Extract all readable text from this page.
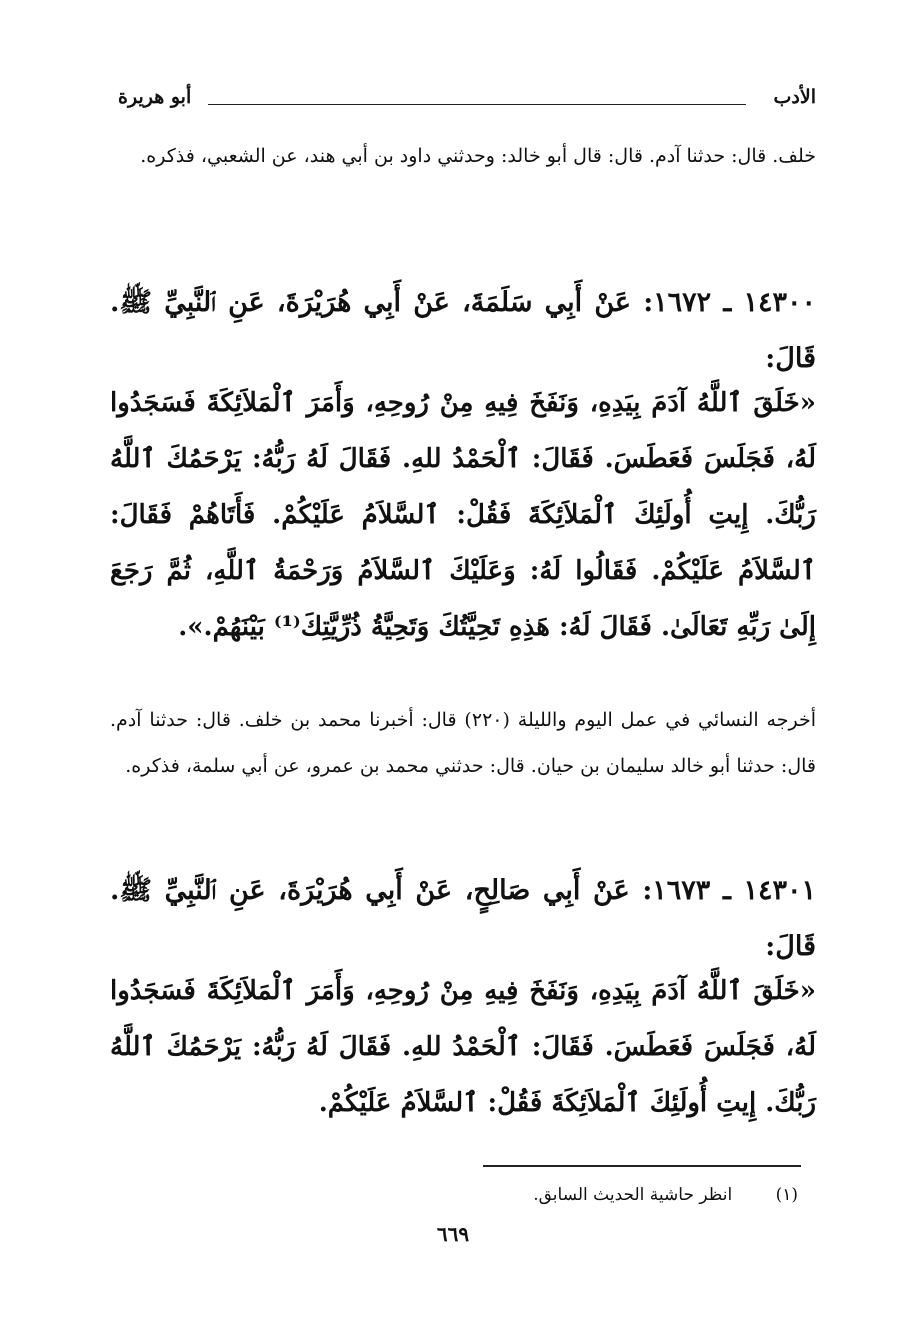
الأدب
أبو هريرة

خلف. قال: حدثنا آدم. قال: قال أبو خالد: وحدثني داود بن أبي هند، عن الشعبي، فذكره.

١٤٣٠٠ ـ ١٦٧٢: عَنْ أَبِي سَلَمَةَ، عَنْ أَبِي هُرَيْرَةَ، عَنِ ٱلنَّبِيِّ ﷺ. قَالَ:

«خَلَقَ ٱللَّهُ آدَمَ بِيَدِهِ، وَنَفَخَ فِيهِ مِنْ رُوحِهِ، وَأَمَرَ ٱلْمَلاَئِكَةَ فَسَجَدُوا لَهُ، فَجَلَسَ فَعَطَسَ. فَقَالَ: ٱلْحَمْدُ للهِ. فَقَالَ لَهُ رَبُّهُ: يَرْحَمُكَ ٱللَّهُ رَبُّكَ. إِيتِ أُولَئِكَ ٱلْمَلاَئِكَةَ فَقُلْ: ٱلسَّلاَمُ عَلَيْكُمْ. فَأَتَاهُمْ فَقَالَ: ٱلسَّلاَمُ عَلَيْكُمْ. فَقَالُوا لَهُ: وَعَلَيْكَ ٱلسَّلاَمُ وَرَحْمَةُ ٱللَّهِ، ثُمَّ رَجَعَ إِلَىٰ رَبِّهِ تَعَالَىٰ. فَقَالَ لَهُ: هَذِهِ تَحِيَّتُكَ وَتَحِيَّةُ ذُرِّيَّتِكَ⁽¹⁾ بَيْنَهُمْ.».

أخرجه النسائي في عمل اليوم والليلة (٢٢٠) قال: أخبرنا محمد بن خلف. قال: حدثنا آدم. قال: حدثنا أبو خالد سليمان بن حيان. قال: حدثني محمد بن عمرو، عن أبي سلمة، فذكره.

١٤٣٠١ ـ ١٦٧٣: عَنْ أَبِي صَالِحٍ، عَنْ أَبِي هُرَيْرَةَ، عَنِ ٱلنَّبِيِّ ﷺ. قَالَ:

«خَلَقَ ٱللَّهُ آدَمَ بِيَدِهِ، وَنَفَخَ فِيهِ مِنْ رُوحِهِ، وَأَمَرَ ٱلْمَلاَئِكَةَ فَسَجَدُوا لَهُ، فَجَلَسَ فَعَطَسَ. فَقَالَ: ٱلْحَمْدُ للهِ. فَقَالَ لَهُ رَبُّهُ: يَرْحَمُكَ ٱللَّهُ رَبُّكَ. إِيتِ أُولَئِكَ ٱلْمَلاَئِكَةَ فَقُلْ: ٱلسَّلاَمُ عَلَيْكُمْ.

(١) انظر حاشية الحديث السابق.
٦٦٩
